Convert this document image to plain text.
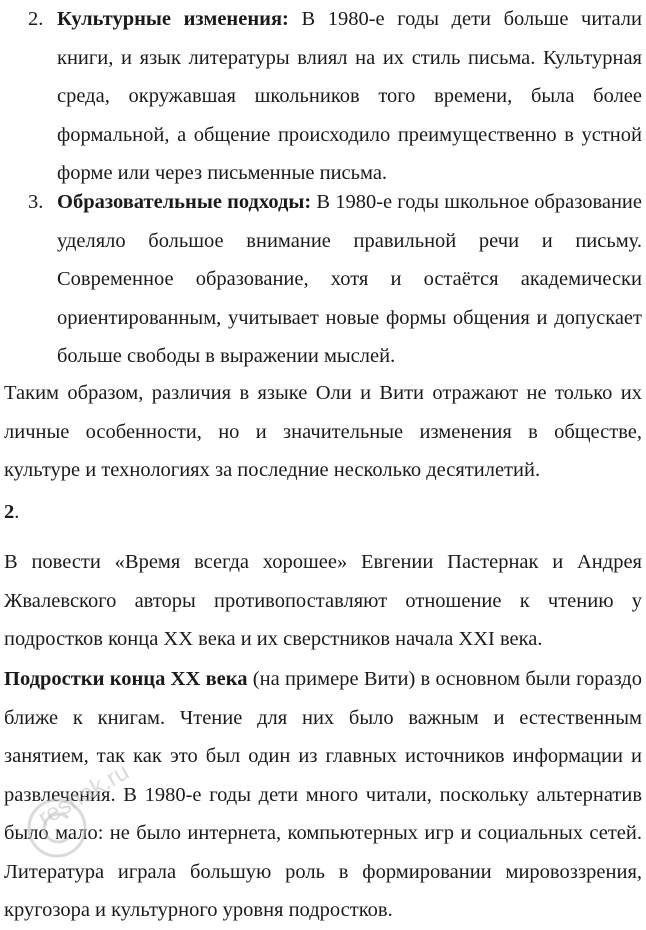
2. Культурные изменения: В 1980-е годы дети больше читали книги, и язык литературы влиял на их стиль письма. Культурная среда, окружавшая школьников того времени, была более формальной, а общение происходило преимущественно в устной форме или через письменные письма.
3. Образовательные подходы: В 1980-е годы школьное образование уделяло большое внимание правильной речи и письму. Современное образование, хотя и остаётся академически ориентированным, учитывает новые формы общения и допускает больше свободы в выражении мыслей.
Таким образом, различия в языке Оли и Вити отражают не только их личные особенности, но и значительные изменения в обществе, культуре и технологиях за последние несколько десятилетий.
2.
В повести «Время всегда хорошее» Евгении Пастернак и Андрея Жвалевского авторы противопоставляют отношение к чтению у подростков конца XX века и их сверстников начала XXI века.
Подростки конца XX века (на примере Вити) в основном были гораздо ближе к книгам. Чтение для них было важным и естественным занятием, так как это был один из главных источников информации и развлечения. В 1980-е годы дети много читали, поскольку альтернатив было мало: не было интернета, компьютерных игр и социальных сетей. Литература играла большую роль в формировании мировоззрения, кругозора и культурного уровня подростков.
reshak.ru
